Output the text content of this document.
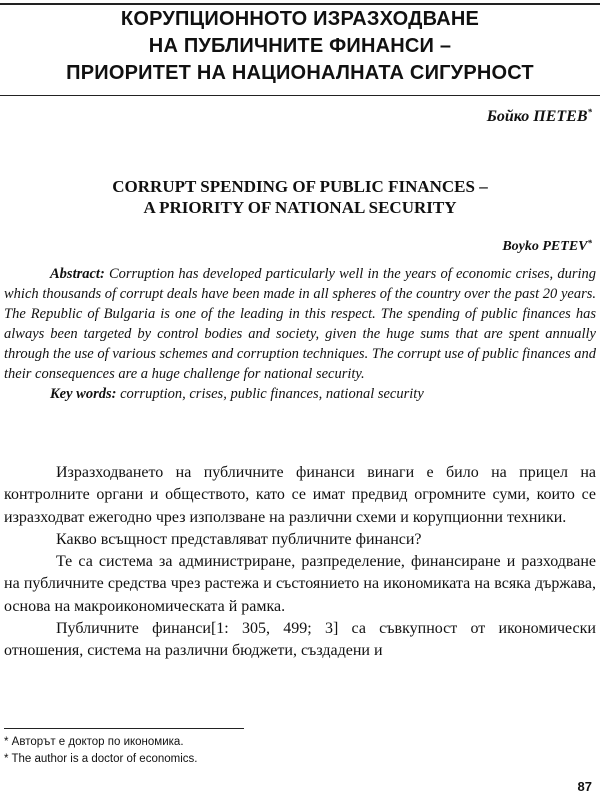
КОРУПЦИОННОТО ИЗРАЗХОДВАНЕ
НА ПУБЛИЧНИТЕ ФИНАНСИ –
ПРИОРИТЕТ НА НАЦИОНАЛНАТА СИГУРНОСТ
Бойко ПЕТЕВ*
CORRUPT SPENDING OF PUBLIC FINANCES –
A PRIORITY OF NATIONAL SECURITY
Boyko PETEV*

Abstract: Corruption has developed particularly well in the years of economic crises, during which thousands of corrupt deals have been made in all spheres of the country over the past 20 years. The Republic of Bulgaria is one of the leading in this respect. The spending of public finances has always been targeted by control bodies and society, given the huge sums that are spent annually through the use of various schemes and corruption techniques. The corrupt use of public finances and their consequences are a huge challenge for national security.

Key words: corruption, crises, public finances, national security

Изразходването на публичните финанси винаги е било на прицел на контролните органи и обществото, като се имат предвид огромните суми, които се изразходват ежегодно чрез използване на различни схеми и корупционни техники.

Какво всъщност представляват публичните финанси?

Те са система за администриране, разпределение, финансиране и разходване на публичните средства чрез растежа и състоянието на икономиката на всяка държава, основа на макроикономическата й рамка.

Публичните финанси[1: 305, 499; 3] са съвкупност от икономически отношения, система на различни бюджети, създадени и

* Авторът е доктор по икономика.
* The author is a doctor of economics.
87
